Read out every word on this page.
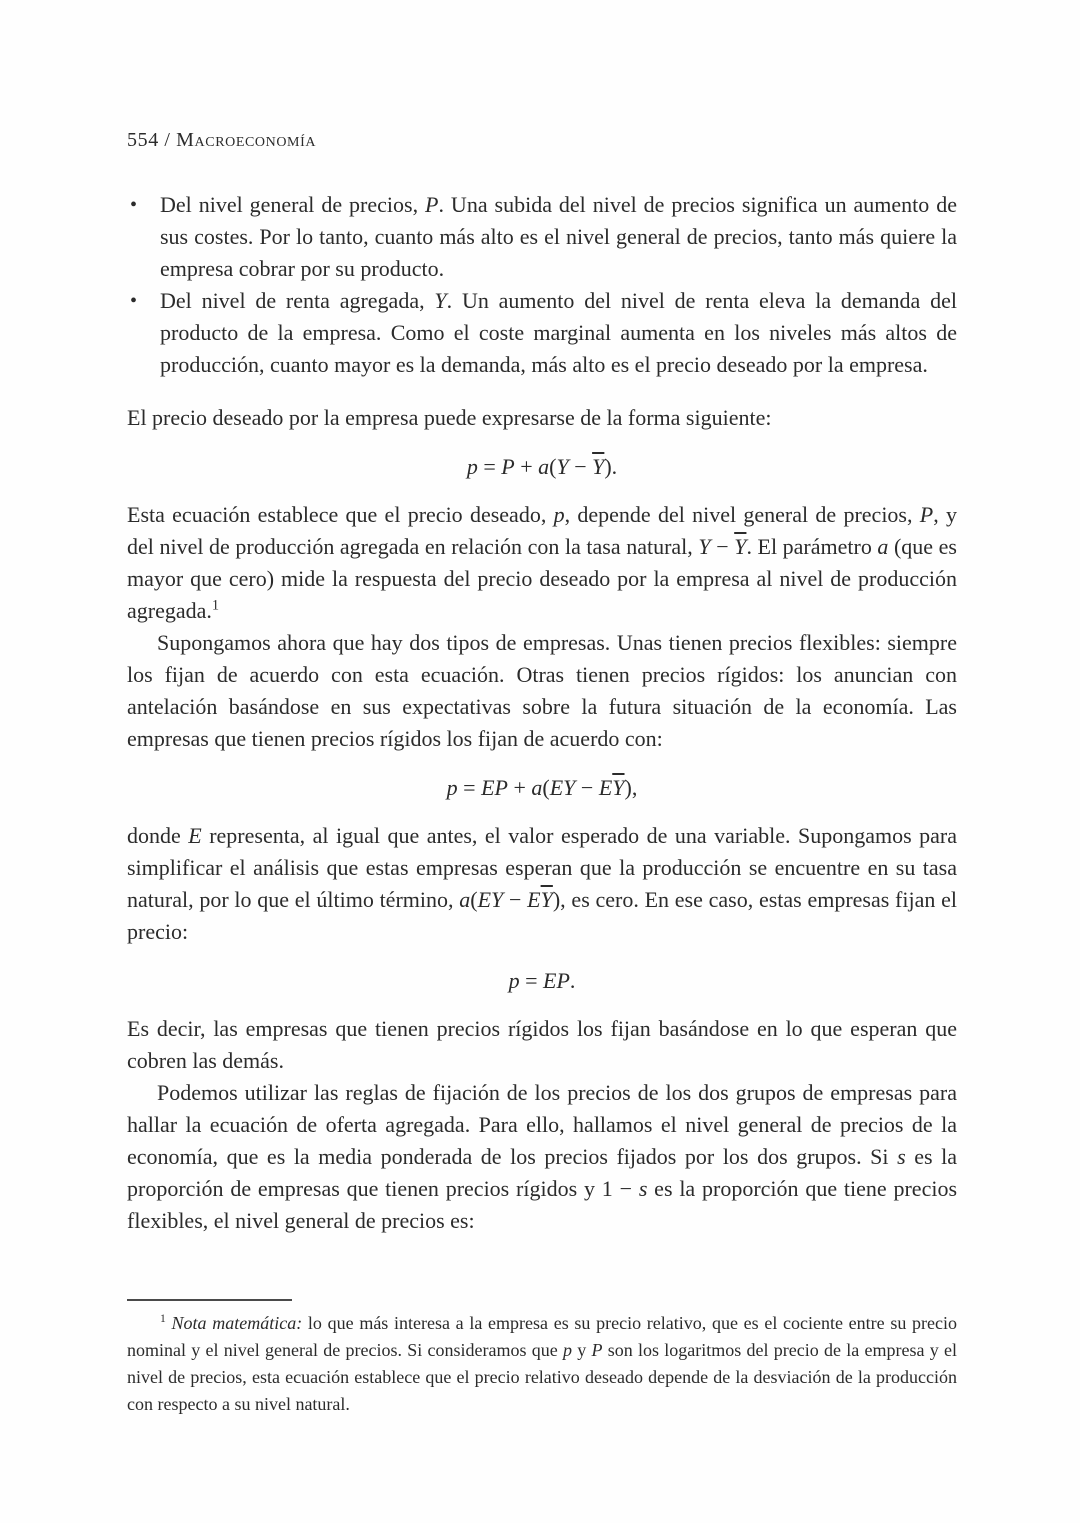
554 / Macroeconomía
• Del nivel general de precios, P. Una subida del nivel de precios significa un aumento de sus costes. Por lo tanto, cuanto más alto es el nivel general de precios, tanto más quiere la empresa cobrar por su producto.
• Del nivel de renta agregada, Y. Un aumento del nivel de renta eleva la demanda del producto de la empresa. Como el coste marginal aumenta en los niveles más altos de producción, cuanto mayor es la demanda, más alto es el precio deseado por la empresa.

El precio deseado por la empresa puede expresarse de la forma siguiente:

$p = P + a(Y - \overline{Y})$.

Esta ecuación establece que el precio deseado, p, depende del nivel general de precios, P, y del nivel de producción agregada en relación con la tasa natural, $Y - \overline{Y}$. El parámetro a (que es mayor que cero) mide la respuesta del precio deseado por la empresa al nivel de producción agregada.$^1$

Supongamos ahora que hay dos tipos de empresas. Unas tienen precios flexibles: siempre los fijan de acuerdo con esta ecuación. Otras tienen precios rígidos: los anuncian con antelación basándose en sus expectativas sobre la futura situación de la economía. Las empresas que tienen precios rígidos los fijan de acuerdo con:

p = EP + $a(EY - E\overline{Y})$,

donde E representa, al igual que antes, el valor esperado de una variable. Supongamos para simplificar el análisis que estas empresas esperan que la producción se encuentre en su tasa natural, por lo que el último término, $a(EY - E\overline{Y})$, es cero. En ese caso, estas empresas fijan el precio:

p = EP.

Es decir, las empresas que tienen precios rígidos los fijan basándose en lo que esperan que cobren las demás.

Podemos utilizar las reglas de fijación de los precios de los dos grupos de empresas para hallar la ecuación de oferta agregada. Para ello, hallamos el nivel general de precios de la economía, que es la media ponderada de los precios fijados por los dos grupos. Si s es la proporción de empresas que tienen precios rígidos y 1 − s es la proporción que tiene precios flexibles, el nivel general de precios es:

$^1$ Nota matemática: lo que más interesa a la empresa es su precio relativo, que es el cociente entre su precio nominal y el nivel general de precios. Si consideramos que p y P son los logaritmos del precio de la empresa y el nivel de precios, esta ecuación establece que el precio relativo deseado depende de la desviación de la producción con respecto a su nivel natural.
